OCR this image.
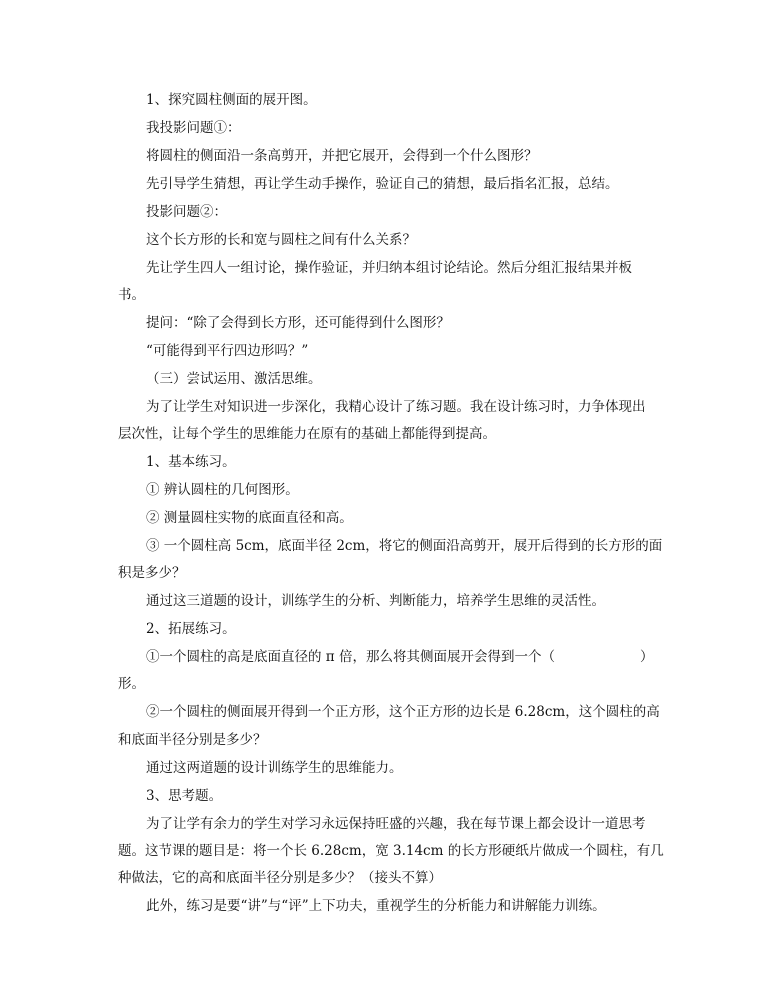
1、探究圆柱侧面的展开图。
我投影问题①：
将圆柱的侧面沿一条高剪开，并把它展开，会得到一个什么图形？
先引导学生猜想，再让学生动手操作，验证自己的猜想，最后指名汇报，总结。
投影问题②：
这个长方形的长和宽与圆柱之间有什么关系？
先让学生四人一组讨论，操作验证，并归纳本组讨论结论。然后分组汇报结果并板
书。
提问：“除了会得到长方形，还可能得到什么图形？
“可能得到平行四边形吗？”
（三）尝试运用、激活思维。
为了让学生对知识进一步深化，我精心设计了练习题。我在设计练习时，力争体现出
层次性，让每个学生的思维能力在原有的基础上都能得到提高。
1、基本练习。
① 辨认圆柱的几何图形。
② 测量圆柱实物的底面直径和高。
③ 一个圆柱高 5cm，底面半径 2cm，将它的侧面沿高剪开，展开后得到的长方形的面
积是多少？
通过这三道题的设计，训练学生的分析、判断能力，培养学生思维的灵活性。
2、拓展练习。
①一个圆柱的高是底面直径的 π 倍，那么将其侧面展开会得到一个（	）
形。
②一个圆柱的侧面展开得到一个正方形，这个正方形的边长是 6.28cm，这个圆柱的高
和底面半径分别是多少？
通过这两道题的设计训练学生的思维能力。
3、思考题。
为了让学有余力的学生对学习永远保持旺盛的兴趣，我在每节课上都会设计一道思考
题。这节课的题目是：将一个长 6.28cm，宽 3.14cm 的长方形硬纸片做成一个圆柱，有几
种做法，它的高和底面半径分别是多少？（接头不算）
此外，练习是要“讲”与“评”上下功夫，重视学生的分析能力和讲解能力训练。
